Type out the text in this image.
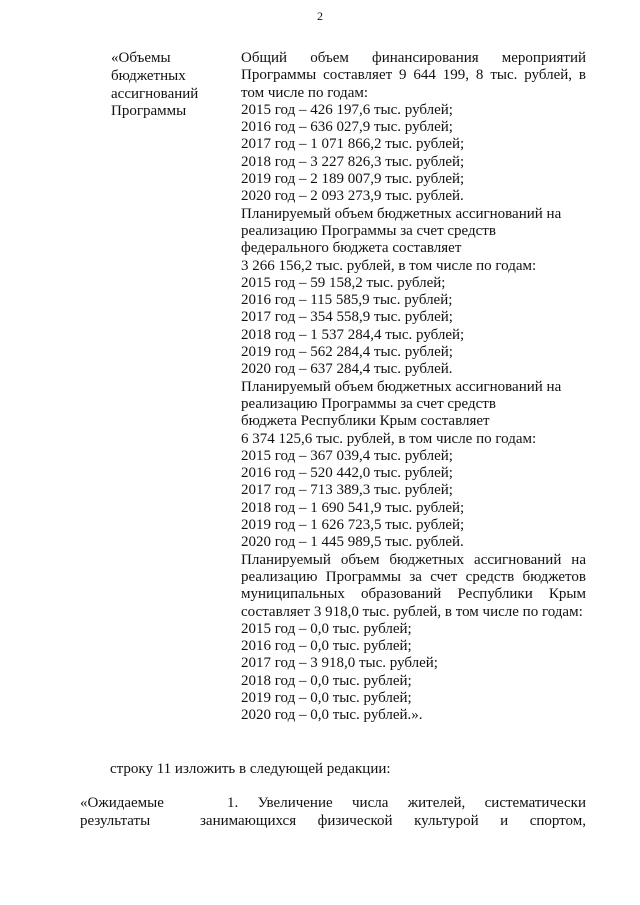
2
«Объемы бюджетных ассигнований Программы

Общий объем финансирования мероприятий Программы составляет 9 644 199, 8 тыс. рублей, в том числе по годам:

2015 год – 426 197,6 тыс. рублей;

2016 год – 636 027,9 тыс. рублей;

2017 год – 1 071 866,2 тыс. рублей;

2018 год – 3 227 826,3 тыс. рублей;

2019 год – 2 189 007,9 тыс. рублей;

2020 год – 2 093 273,9 тыс. рублей.

Планируемый объем бюджетных ассигнований на

реализацию Программы за счет средств

федерального бюджета составляет

3 266 156,2 тыс. рублей, в том числе по годам:

2015 год – 59 158,2 тыс. рублей;

2016 год – 115 585,9 тыс. рублей;

2017 год – 354 558,9 тыс. рублей;

2018 год – 1 537 284,4 тыс. рублей;

2019 год – 562 284,4 тыс. рублей;

2020 год – 637 284,4 тыс. рублей.

Планируемый объем бюджетных ассигнований на

реализацию Программы за счет средств

бюджета Республики Крым составляет

6 374 125,6 тыс. рублей, в том числе по годам:

2015 год – 367 039,4 тыс. рублей;

2016 год – 520 442,0 тыс. рублей;

2017 год – 713 389,3 тыс. рублей;

2018 год – 1 690 541,9 тыс. рублей;

2019 год – 1 626 723,5 тыс. рублей;

2020 год – 1 445 989,5 тыс. рублей.

Планируемый объем бюджетных ассигнований на реализацию Программы за счет средств бюджетов муниципальных образований Республики Крым составляет 3 918,0 тыс. рублей, в том числе по годам:

2015 год – 0,0 тыс. рублей;

2016 год – 0,0 тыс. рублей;

2017 год – 3 918,0 тыс. рублей;

2018 год – 0,0 тыс. рублей;

2019 год – 0,0 тыс. рублей;

2020 год – 0,0 тыс. рублей.».

строку 11 изложить в следующей редакции:
«Ожидаемые результаты

1. Увеличение числа жителей, систематически

занимающихся физической культурой и спортом,
